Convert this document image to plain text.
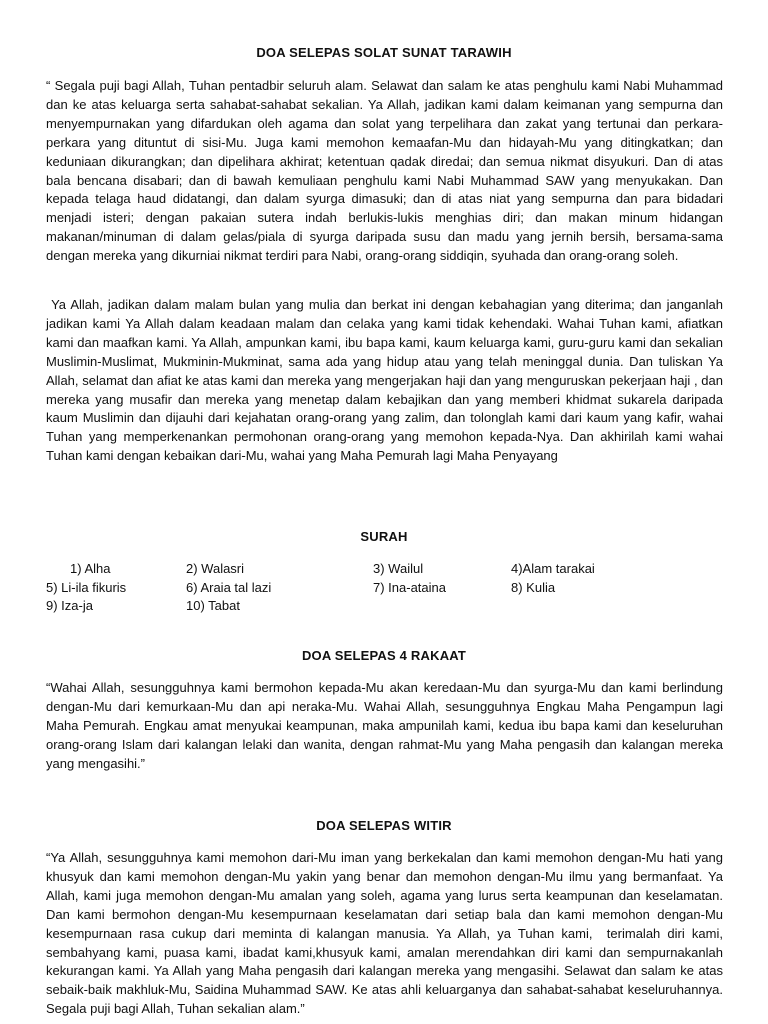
DOA SELEPAS SOLAT SUNAT TARAWIH

“ Segala puji bagi Allah, Tuhan pentadbir seluruh alam. Selawat dan salam ke atas penghulu kami Nabi Muhammad dan ke atas keluarga serta sahabat-sahabat sekalian. Ya Allah, jadikan kami dalam keimanan yang sempurna dan menyempurnakan yang difardukan oleh agama dan solat yang terpelihara dan zakat yang tertunai dan perkara-perkara yang dituntut di sisi-Mu. Juga kami memohon kemaafan-Mu dan hidayah-Mu yang ditingkatkan; dan keduniaan dikurangkan; dan dipelihara akhirat; ketentuan qadak diredai; dan semua nikmat disyukuri. Dan di atas bala bencana disabari; dan di bawah kemuliaan penghulu kami Nabi Muhammad SAW yang menyukakan. Dan kepada telaga haud didatangi, dan dalam syurga dimasuki; dan di atas niat yang sempurna dan para bidadari menjadi isteri; dengan pakaian sutera indah berlukis-lukis menghias diri; dan makan minum hidangan makanan/minuman di dalam gelas/piala di syurga daripada susu dan madu yang jernih bersih, bersama-sama dengan mereka yang dikurniai nikmat terdiri para Nabi, orang-orang siddiqin, syuhada dan orang-orang soleh.

Ya Allah, jadikan dalam malam bulan yang mulia dan berkat ini dengan kebahagian yang diterima; dan janganlah jadikan kami Ya Allah dalam keadaan malam dan celaka yang kami tidak kehendaki. Wahai Tuhan kami, afiatkan kami dan maafkan kami. Ya Allah, ampunkan kami, ibu bapa kami, kaum keluarga kami, guru-guru kami dan sekalian Muslimin-Muslimat, Mukminin-Mukminat, sama ada yang hidup atau yang telah meninggal dunia. Dan tuliskan Ya Allah, selamat dan afiat ke atas kami dan mereka yang mengerjakan haji dan yang menguruskan pekerjaan haji , dan mereka yang musafir dan mereka yang menetap dalam kebajikan dan yang memberi khidmat sukarela daripada kaum Muslimin dan dijauhi dari kejahatan orang-orang yang zalim, dan tolonglah kami dari kaum yang kafir, wahai Tuhan yang memperkenankan permohonan orang-orang yang memohon kepada-Nya. Dan akhirilah kami wahai Tuhan kami dengan kebaikan dari-Mu, wahai yang Maha Pemurah lagi Maha Penyayang

SURAH
1) Alha	2) Walasri	3) Wailul	4)Alam tarakai
5) Li-ila fikuris	6) Araia tal lazi	7) Ina-ataina	8) Kulia
9) Iza-ja	10) Tabat
DOA SELEPAS 4 RAKAAT

“Wahai Allah, sesungguhnya kami bermohon kepada-Mu akan keredaan-Mu dan syurga-Mu dan kami berlindung dengan-Mu dari kemurkaan-Mu dan api neraka-Mu. Wahai Allah, sesungguhnya Engkau Maha Pengampun lagi Maha Pemurah. Engkau amat menyukai keampunan, maka ampunilah kami, kedua ibu bapa kami dan keseluruhan orang-orang Islam dari kalangan lelaki dan wanita, dengan rahmat-Mu yang Maha pengasih dan kalangan mereka yang mengasihi.”

DOA SELEPAS WITIR

“Ya Allah, sesungguhnya kami memohon dari-Mu iman yang berkekalan dan kami memohon dengan-Mu hati yang khusyuk dan kami memohon dengan-Mu yakin yang benar dan memohon dengan-Mu ilmu yang bermanfaat. Ya Allah, kami juga memohon dengan-Mu amalan yang soleh, agama yang lurus serta keampunan dan keselamatan. Dan kami bermohon dengan-Mu kesempurnaan keselamatan dari setiap bala dan kami memohon dengan-Mu kesempurnaan rasa cukup dari meminta di kalangan manusia. Ya Allah, ya Tuhan kami,  terimalah diri kami, sembahyang kami, puasa kami, ibadat kami,khusyuk kami, amalan merendahkan diri kami dan sempurnakanlah kekurangan kami. Ya Allah yang Maha pengasih dari kalangan mereka yang mengasihi. Selawat dan salam ke atas sebaik-baik makhluk-Mu, Saidina Muhammad SAW. Ke atas ahli keluarganya dan sahabat-sahabat keseluruhannya. Segala puji bagi Allah, Tuhan sekalian alam.”
